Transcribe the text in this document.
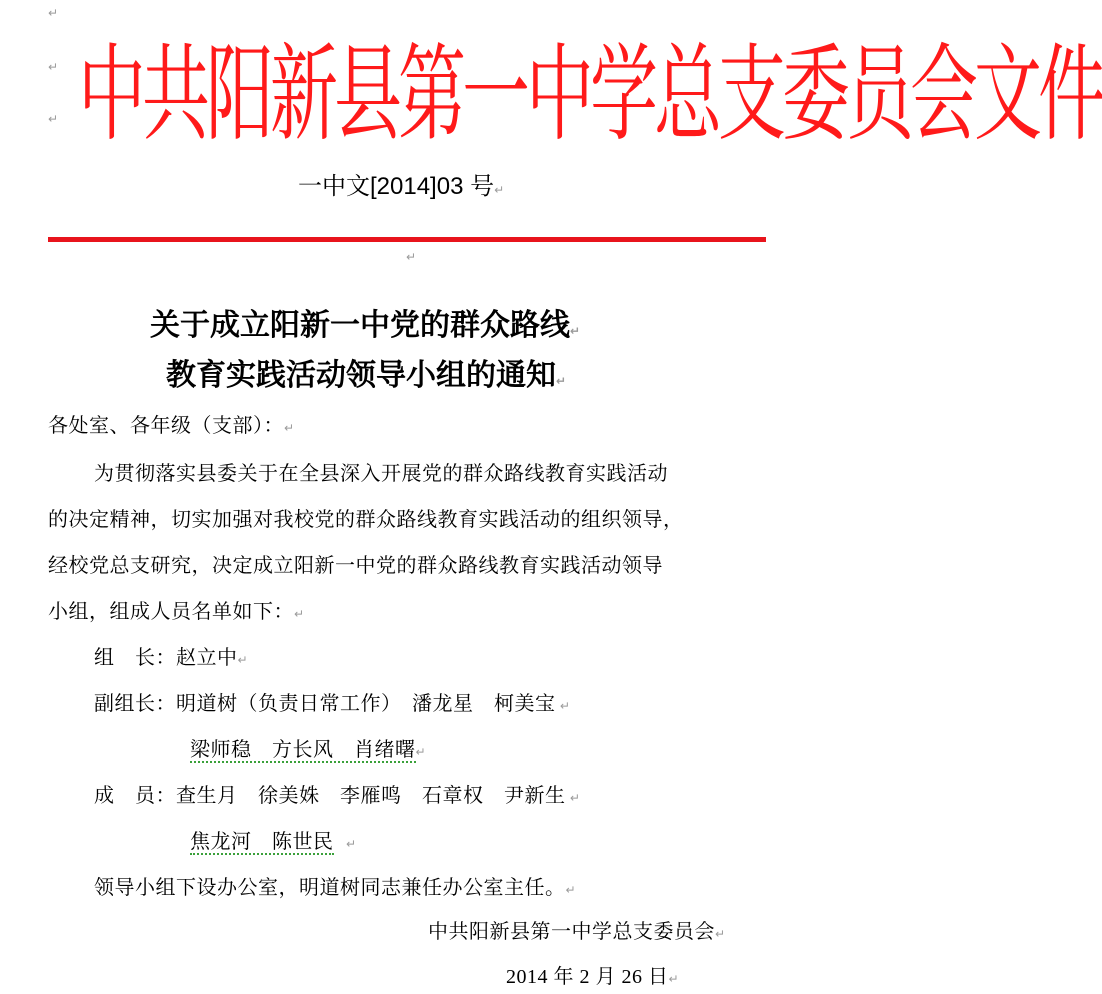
↵
↵
↵ 中共阳新县第一中学总支委员会文件
一中文[2014]03 号↵
↵
关于成立阳新一中党的群众路线↵
教育实践活动领导小组的通知↵
各处室、各年级（支部）：↵
为贯彻落实县委关于在全县深入开展党的群众路线教育实践活动
的决定精神，切实加强对我校党的群众路线教育实践活动的组织领导，
经校党总支研究，决定成立阳新一中党的群众路线教育实践活动领导
小组，组成人员名单如下：↵
组　长：赵立中↵
副组长：明道树（负责日常工作）　潘龙星　柯美宝 ↵
梁师稳　方长风　肖绪曙↵
成　员：查生月　徐美姝　李雁鸣　石章权　尹新生 ↵
焦龙河　陈世民　↵
领导小组下设办公室，明道树同志兼任办公室主任。↵
中共阳新县第一中学总支委员会↵
2014 年 2 月 26 日↵
